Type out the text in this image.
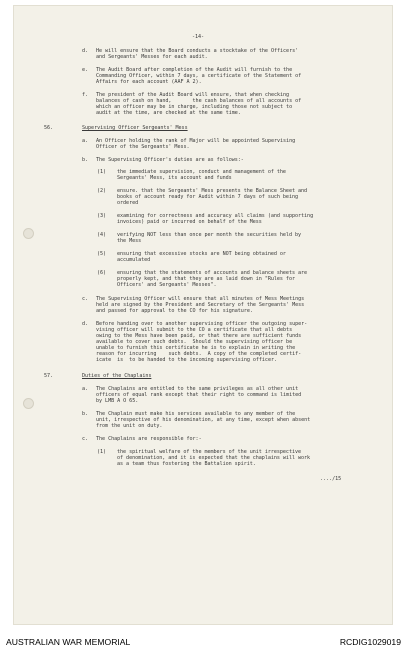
-14-
d. He will ensure that the Board conducts a stocktake of the Officers'
and Sergeants' Messes for each audit.
e. The Audit Board after completion of the Audit will furnish to the
Commanding Officer, within 7 days, a certificate of the Statement of
Affairs for each account (AAF A 2).
f. The president of the Audit Board will ensure, that when checking
balances of cash on hand,       the cash balances of all accounts of
which an officer may be in charge, including those not subject to
audit at the time, are checked at the same time.
56.	Supervising Officer Sergeants' Mess
a. An Officer holding the rank of Major will be appointed Supervising
Officer of the Sergeants' Mess.
b. The Supervising Officer's duties are as follows:-
(1) the immediate supervision, conduct and management of the
Sergeants' Mess, its account and funds
(2) ensure. that the Sergeants' Mess presents the Balance Sheet and
books of account ready for Audit within 7 days of such being
ordered
(3) examining for correctness and accuracy all claims (and supporting
invoices) paid or incurred on behalf of the Mess
(4) verifying NOT less than once per month the securities held by
the Mess
(5) ensuring that excessive stocks are NOT being obtained or
accumulated
(6) ensuring that the statements of accounts and balance sheets are
properly kept, and that they are as laid down in "Rules for
Officers' and Sergeants' Messes".
c. The Supervising Officer will ensure that all minutes of Mess Meetings
held are signed by the President and Secretary of the Sergeants' Mess
and passed for approval to the CO for his signature.
d. Before handing over to another supervising officer the outgoing super-
vising officer will submit to the CO a certificate that all debts
owing to the Mess have been paid, or that there are sufficient funds
available to cover such debts.  Should the supervising officer be
unable to furnish this certificate he is to explain in writing the
reason for incurring    such debts.  A copy of the completed certif-
icate  is  to be handed to the incoming supervising officer.
57.	Duties of the Chaplains
a. The Chaplains are entitled to the same privileges as all other unit
officers of equal rank except that their right to command is limited
by LMB A O 65.
b. The Chaplain must make his services available to any member of the
unit, irrespective of his denomination, at any time, except when absent
from the unit on duty.
c. The Chaplains are responsible for:-
(1) the spiritual welfare of the members of the unit irrespective
of denomination, and it is expected that the chaplains will work
as a team thus fostering the Battalion spirit.
..../15
AUSTRALIAN WAR MEMORIAL	RCDIG1029019
